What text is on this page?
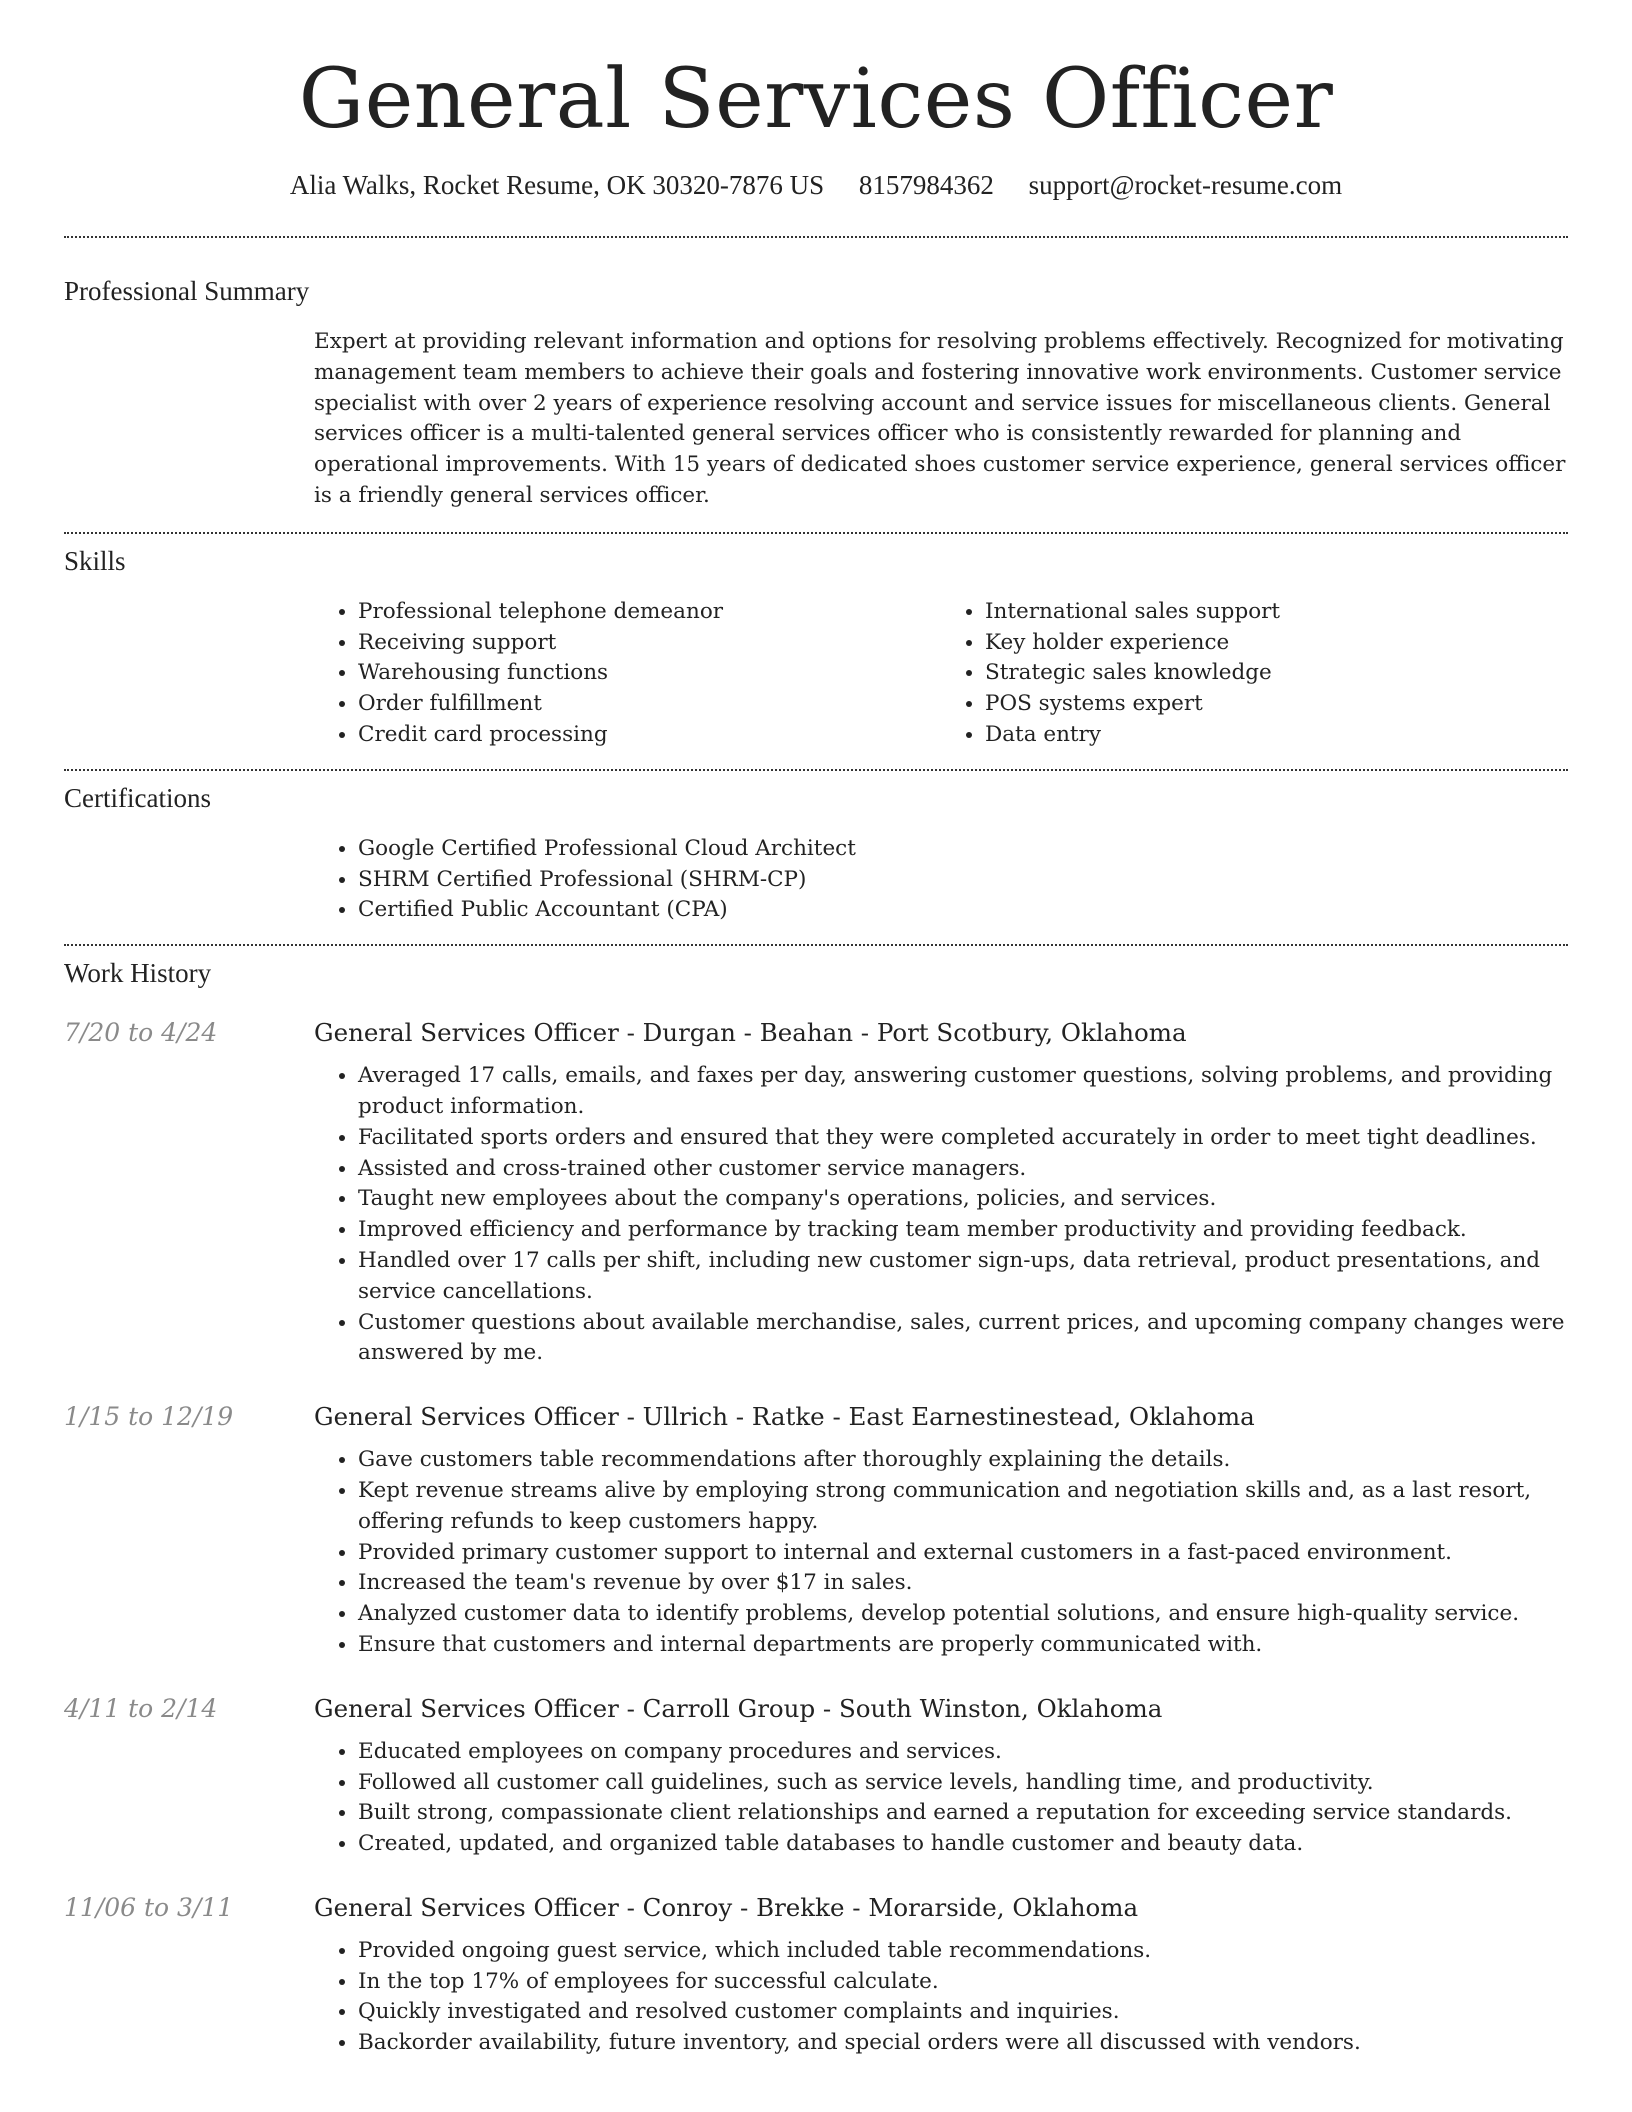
General Services Officer
Alia Walks, Rocket Resume, OK 30320-7876 US 8157984362 support@rocket-resume.com
Professional Summary

Expert at providing relevant information and options for resolving problems effectively. Recognized for motivating management team members to achieve their goals and fostering innovative work environments. Customer service specialist with over 2 years of experience resolving account and service issues for miscellaneous clients. General services officer is a multi-talented general services officer who is consistently rewarded for planning and operational improvements. With 15 years of dedicated shoes customer service experience, general services officer is a friendly general services officer.

Skills
• Professional telephone demeanor
• Receiving support
• Warehousing functions
• Order fulfillment
• Credit card processing
• International sales support
• Key holder experience
• Strategic sales knowledge
• POS systems expert
• Data entry
Certifications
• Google Certified Professional Cloud Architect
• SHRM Certified Professional (SHRM-CP)
• Certified Public Accountant (CPA)
Work History
7/20 to 4/24	General Services Officer - Durgan - Beahan - Port Scotbury, Oklahoma
• Averaged 17 calls, emails, and faxes per day, answering customer questions, solving problems, and providing product information.
• Facilitated sports orders and ensured that they were completed accurately in order to meet tight deadlines.
• Assisted and cross-trained other customer service managers.
• Taught new employees about the company's operations, policies, and services.
• Improved efficiency and performance by tracking team member productivity and providing feedback.
• Handled over 17 calls per shift, including new customer sign-ups, data retrieval, product presentations, and service cancellations.
• Customer questions about available merchandise, sales, current prices, and upcoming company changes were answered by me.
1/15 to 12/19	General Services Officer - Ullrich - Ratke - East Earnestinestead, Oklahoma
• Gave customers table recommendations after thoroughly explaining the details.
• Kept revenue streams alive by employing strong communication and negotiation skills and, as a last resort, offering refunds to keep customers happy.
• Provided primary customer support to internal and external customers in a fast-paced environment.
• Increased the team's revenue by over $17 in sales.
• Analyzed customer data to identify problems, develop potential solutions, and ensure high-quality service.
• Ensure that customers and internal departments are properly communicated with.
4/11 to 2/14	General Services Officer - Carroll Group - South Winston, Oklahoma
• Educated employees on company procedures and services.
• Followed all customer call guidelines, such as service levels, handling time, and productivity.
• Built strong, compassionate client relationships and earned a reputation for exceeding service standards.
• Created, updated, and organized table databases to handle customer and beauty data.
11/06 to 3/11	General Services Officer - Conroy - Brekke - Morarside, Oklahoma
• Provided ongoing guest service, which included table recommendations.
• In the top 17% of employees for successful calculate.
• Quickly investigated and resolved customer complaints and inquiries.
• Backorder availability, future inventory, and special orders were all discussed with vendors.
